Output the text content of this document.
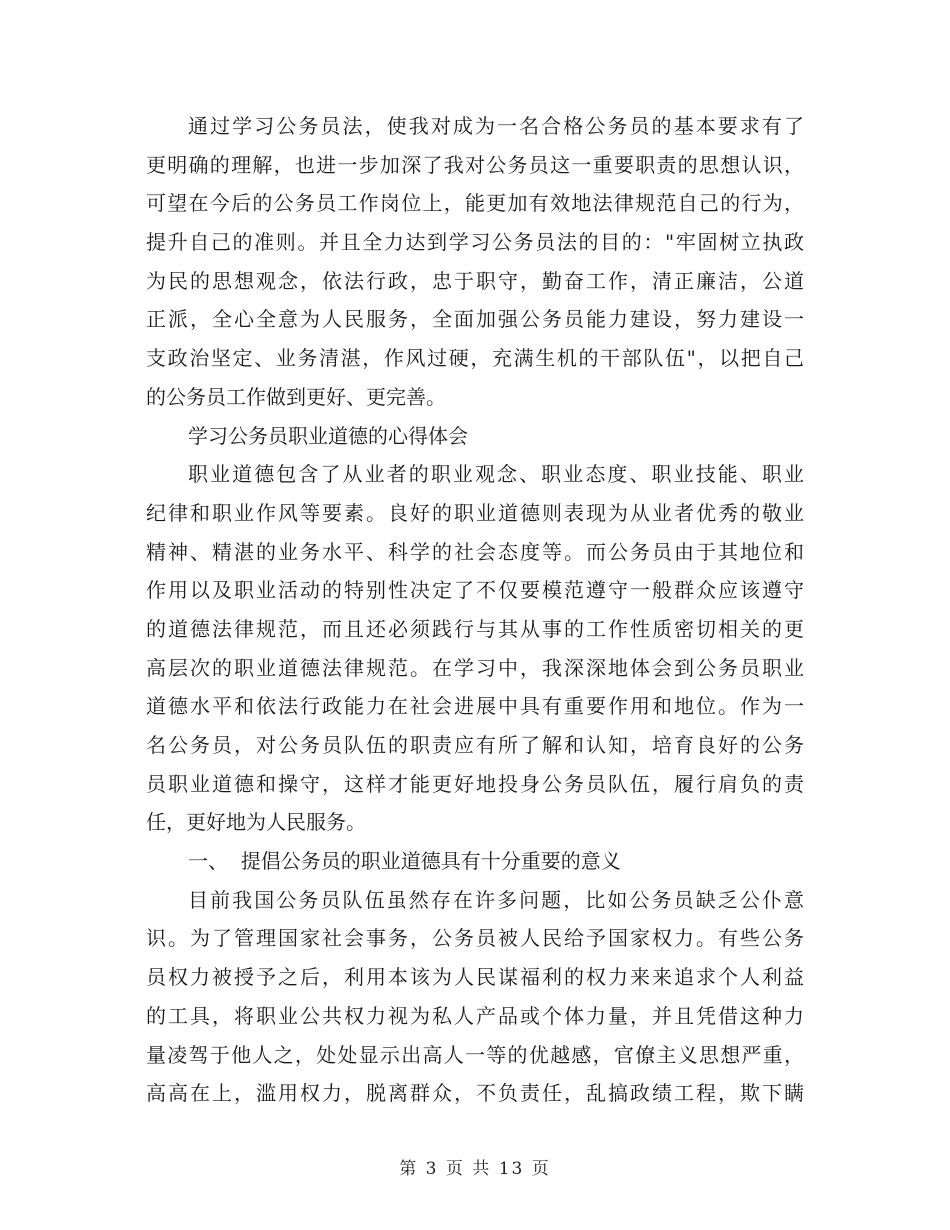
通过学习公务员法，使我对成为一名合格公务员的基本要求有了
更明确的理解，也进一步加深了我对公务员这一重要职责的思想认识，
可望在今后的公务员工作岗位上，能更加有效地法律规范自己的行为，
提升自己的准则。并且全力达到学习公务员法的目的："牢固树立执政
为民的思想观念，依法行政，忠于职守，勤奋工作，清正廉洁，公道
正派，全心全意为人民服务，全面加强公务员能力建设，努力建设一
支政治坚定、业务清湛，作风过硬，充满生机的干部队伍"，以把自己
的公务员工作做到更好、更完善。
学习公务员职业道德的心得体会
职业道德包含了从业者的职业观念、职业态度、职业技能、职业
纪律和职业作风等要素。良好的职业道德则表现为从业者优秀的敬业
精神、精湛的业务水平、科学的社会态度等。而公务员由于其地位和
作用以及职业活动的特别性决定了不仅要模范遵守一般群众应该遵守
的道德法律规范，而且还必须践行与其从事的工作性质密切相关的更
高层次的职业道德法律规范。在学习中，我深深地体会到公务员职业
道德水平和依法行政能力在社会进展中具有重要作用和地位。作为一
名公务员，对公务员队伍的职责应有所了解和认知，培育良好的公务
员职业道德和操守，这样才能更好地投身公务员队伍，履行肩负的责
任，更好地为人民服务。
一、  提倡公务员的职业道德具有十分重要的意义
目前我国公务员队伍虽然存在许多问题，比如公务员缺乏公仆意
识。为了管理国家社会事务，公务员被人民给予国家权力。有些公务
员权力被授予之后，利用本该为人民谋福利的权力来来追求个人利益
的工具，将职业公共权力视为私人产品或个体力量，并且凭借这种力
量凌驾于他人之，处处显示出高人一等的优越感，官僚主义思想严重，
高高在上，滥用权力，脱离群众，不负责任，乱搞政绩工程，欺下瞒
第 3 页 共 13 页
